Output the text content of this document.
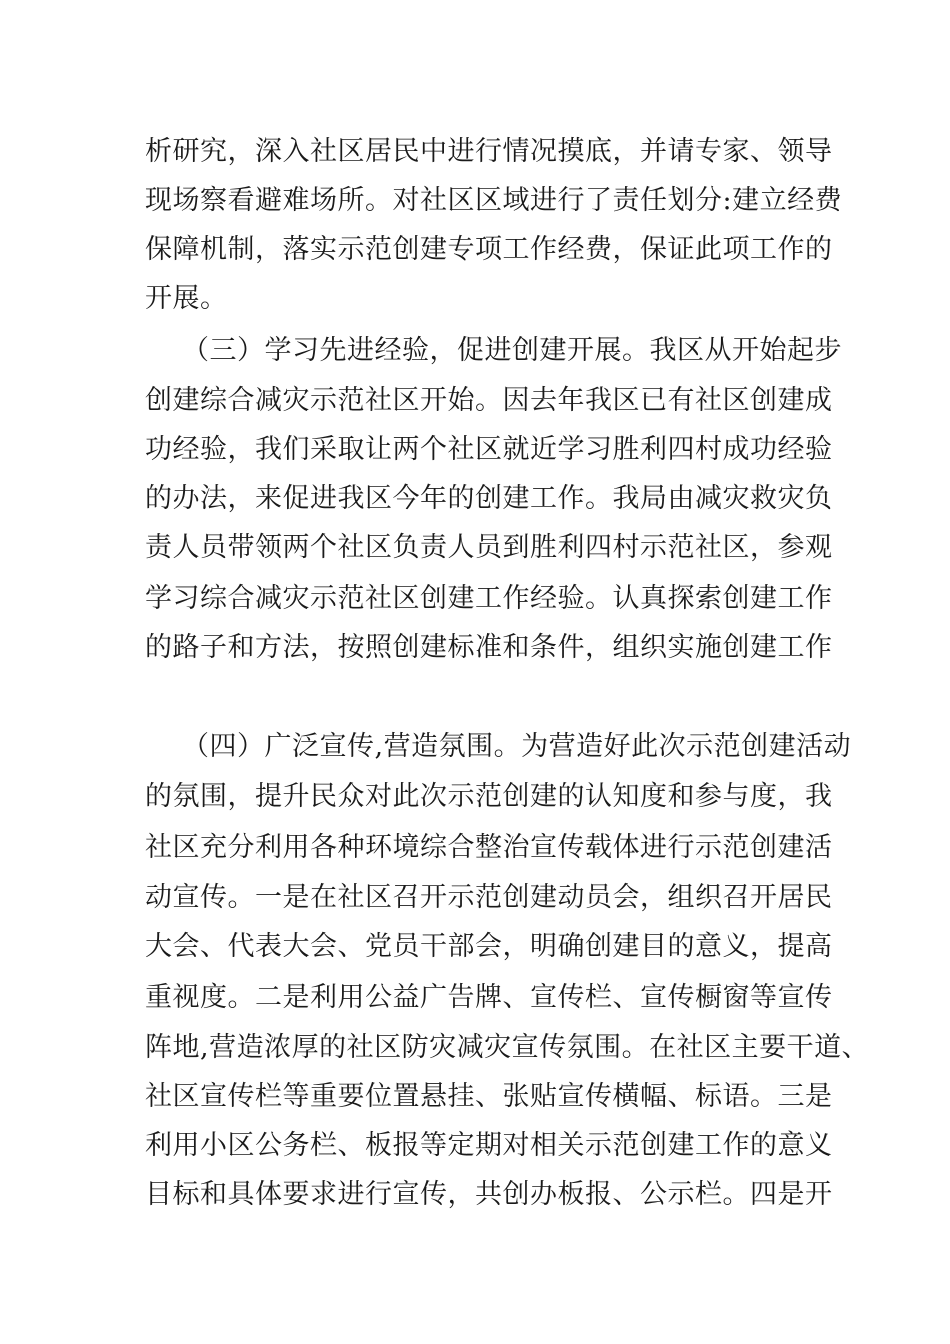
析研究，深入社区居民中进行情况摸底，并请专家、领导
现场察看避难场所。对社区区域进行了责任划分:建立经费
保障机制，落实示范创建专项工作经费，保证此项工作的
开展。
（三）学习先进经验，促进创建开展。我区从开始起步
创建综合减灾示范社区开始。因去年我区已有社区创建成
功经验，我们采取让两个社区就近学习胜利四村成功经验
的办法，来促进我区今年的创建工作。我局由减灾救灾负
责人员带领两个社区负责人员到胜利四村示范社区，参观
学习综合减灾示范社区创建工作经验。认真探索创建工作
的路子和方法，按照创建标准和条件，组织实施创建工作
（四）广泛宣传,营造氛围。为营造好此次示范创建活动
的氛围，提升民众对此次示范创建的认知度和参与度，我
社区充分利用各种环境综合整治宣传载体进行示范创建活
动宣传。一是在社区召开示范创建动员会，组织召开居民
大会、代表大会、党员干部会，明确创建目的意义，提高
重视度。二是利用公益广告牌、宣传栏、宣传橱窗等宣传
阵地,营造浓厚的社区防灾减灾宣传氛围。在社区主要干道、
社区宣传栏等重要位置悬挂、张贴宣传横幅、标语。三是
利用小区公务栏、板报等定期对相关示范创建工作的意义
目标和具体要求进行宣传，共创办板报、公示栏。四是开
